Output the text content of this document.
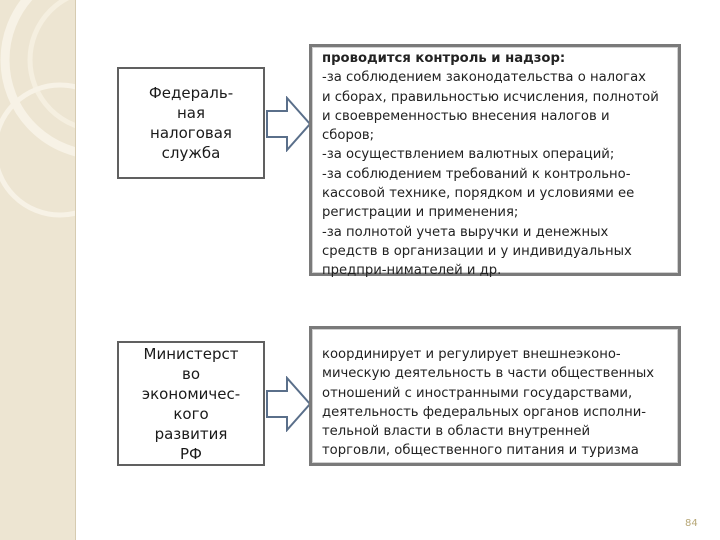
Федераль-
ная
налоговая
служба
проводится контроль и надзор:
-за соблюдением законодательства о налогах
и сборах, правильностью исчисления, полнотой
и своевременностью внесения налогов и
сборов;
-за осуществлением валютных операций;
-за соблюдением требований к контрольно-
кассовой технике, порядком и условиями ее
регистрации и применения;
-за полнотой учета выручки и денежных
средств в организации и у индивидуальных
предпри-нимателей и др.
Министерст
во
экономичес-
кого
развития
РФ
координирует и регулирует внешнеэконо-
мическую деятельность в части общественных
отношений с иностранными государствами,
деятельность федеральных органов исполни-
тельной власти в области внутренней
торговли, общественного питания и туризма
84
